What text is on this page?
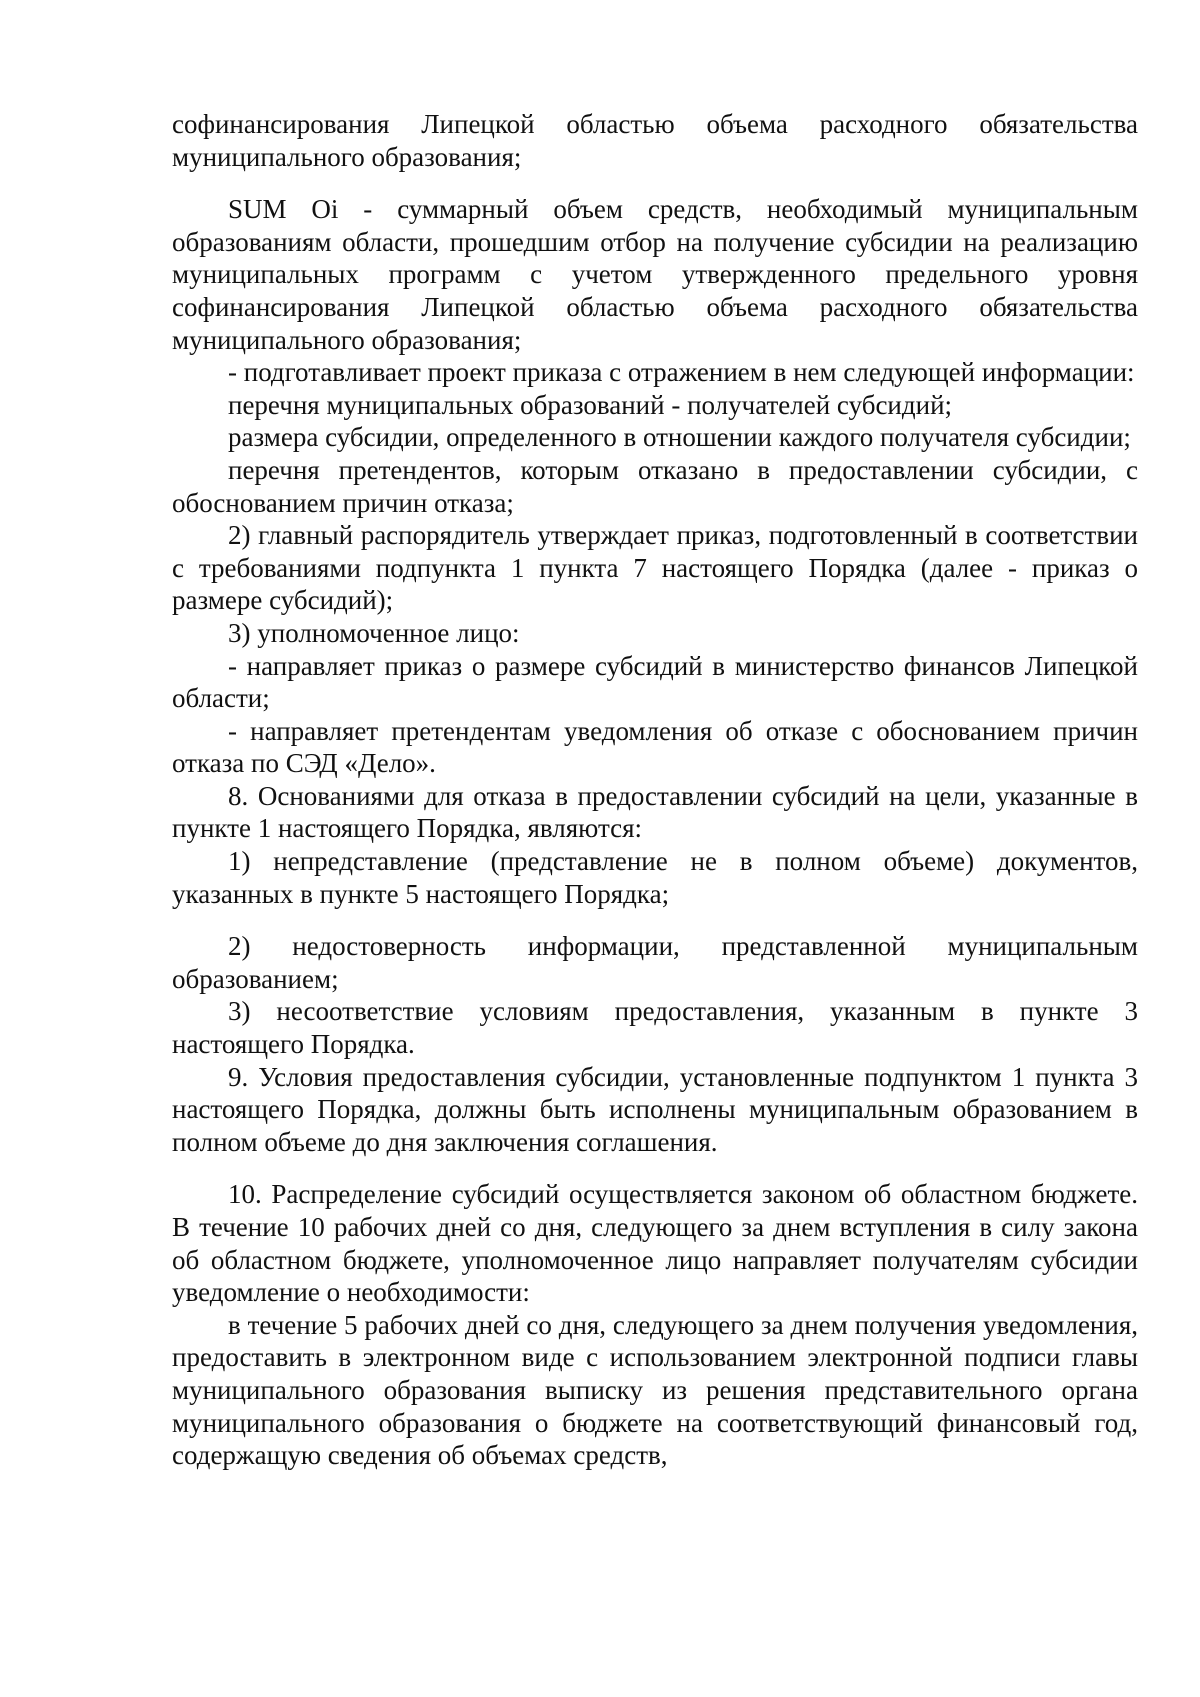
софинансирования Липецкой областью объема расходного обязательства муниципального образования;

SUM Oi - суммарный объем средств, необходимый муниципальным образованиям области, прошедшим отбор на получение субсидии на реализацию муниципальных программ с учетом утвержденного предельного уровня софинансирования Липецкой областью объема расходного обязательства муниципального образования;

- подготавливает проект приказа с отражением в нем следующей информации:

перечня муниципальных образований - получателей субсидий;

размера субсидии, определенного в отношении каждого получателя субсидии;

перечня претендентов, которым отказано в предоставлении субсидии, с обоснованием причин отказа;

2) главный распорядитель утверждает приказ, подготовленный в соответствии с требованиями подпункта 1 пункта 7 настоящего Порядка (далее - приказ о размере субсидий);

3) уполномоченное лицо:

- направляет приказ о размере субсидий в министерство финансов Липецкой области;

- направляет претендентам уведомления об отказе с обоснованием причин отказа по СЭД «Дело».

8. Основаниями для отказа в предоставлении субсидий на цели, указанные в пункте 1 настоящего Порядка, являются:

1) непредставление (представление не в полном объеме) документов, указанных в пункте 5 настоящего Порядка;

2) недостоверность информации, представленной муниципальным образованием;

3) несоответствие условиям предоставления, указанным в пункте 3 настоящего Порядка.

9. Условия предоставления субсидии, установленные подпунктом 1 пункта 3 настоящего Порядка, должны быть исполнены муниципальным образованием в полном объеме до дня заключения соглашения.

10. Распределение субсидий осуществляется законом об областном бюджете. В течение 10 рабочих дней со дня, следующего за днем вступления в силу закона об областном бюджете, уполномоченное лицо направляет получателям субсидии уведомление о необходимости:

в течение 5 рабочих дней со дня, следующего за днем получения уведомления, предоставить в электронном виде с использованием электронной подписи главы муниципального образования выписку из решения представительного органа муниципального образования о бюджете на соответствующий финансовый год, содержащую сведения об объемах средств,
